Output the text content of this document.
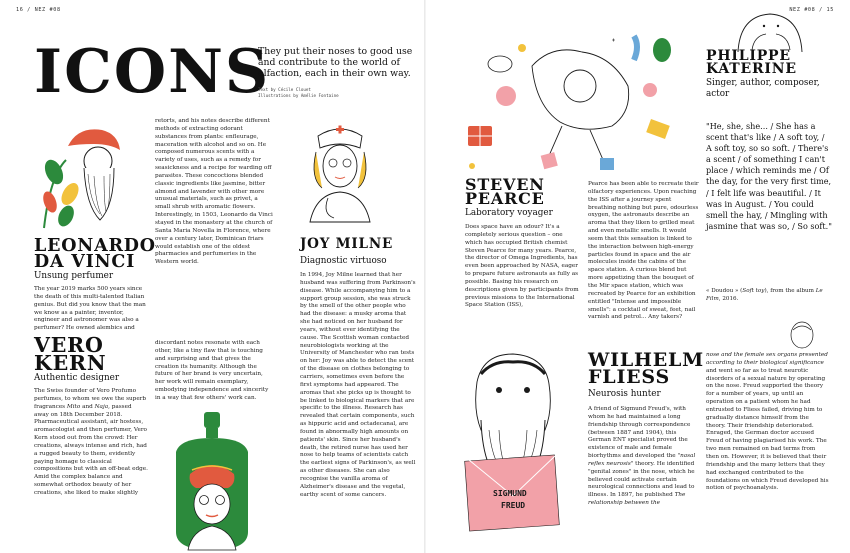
16 / NEZ #08	NEZ #08 / 15
ICONS
They put their noses to good use and contribute to the world of olfaction, each in their own way.
Text by Cécile Clouet
Illustrations by Amélie Fontaine
LEONARDO
DA VINCI
Unsung perfumer

The year 2019 marks 500 years since the death of this multi-talented Italian genius. But did you know that the man we know as a painter, inventor, engineer and astronomer was also a perfumer? He owned alembics and

retorts, and his notes describe different methods of extracting odorant substances from plants: enfleurage, maceration with alcohol and so on. He composed numerous scents with a variety of uses, such as a remedy for seasickness and a recipe for warding off parasites. These concoctions blended classic ingredients like jasmine, bitter almond and lavender with other more unusual materials, such as privet, a small shrub with aromatic flowers. Interestingly, in 1503, Leonardo da Vinci stayed in the monastery at the church of Santa Maria Novella in Florence, where over a century later, Dominican friars would establish one of the oldest pharmacies and perfumeries in the Western world.

JOY MILNE
Diagnostic virtuoso

In 1994, Joy Milne learned that her husband was suffering from Parkinson's disease. While accompanying him to a support group session, she was struck by the smell of the other people who had the disease: a musky aroma that she had noticed on her husband for years, without ever identifying the cause. The Scottish woman contacted neurobiologists working at the University of Manchester who ran tests on her: Joy was able to detect the scent of the disease on clothes belonging to carriers, sometimes even before the first symptoms had appeared. The aromas that she picks up is thought to be linked to biological markers that are specific to the illness. Research has revealed that certain components, such as hippuric acid and octadecanal, are found in abnormally high amounts on patients' skin. Since her husband's death, the retired nurse has used her nose to help teams of scientists catch the earliest signs of Parkinson's, as well as other diseases. She can also recognise the vanilla aroma of Alzheimer's disease and the vegetal, earthy scent of some cancers.

VERO
KERN
Authentic designer

The Swiss founder of Vero Profumo perfumes, to whom we owe the superb fragrances Mito and Naja, passed away on 18th December 2018. Pharmaceutical assistant, air hostess, aromacologist and then perfumer, Vero Kern stood out from the crowd: Her creations, always intense and rich, had a rugged beauty to them, evidently paying homage to classical compositions but with an off-beat edge. Amid the complex balance and somewhat orthodox beauty of her creations, she liked to make slightly

discordant notes resonate with each other, like a tiny flaw that is touching and surprising and that gives the creation its humanity. Although the future of her brand is very uncertain, her work will remain exemplary, embodying independence and sincerity in a way that few others' work can.

STEVEN
PEARCE
Laboratory voyager

Does space have an odour? It's a completely serious question – one which has occupied British chemist Steven Pearce for many years. Pearce, the director of Omega Ingredients, has even been approached by NASA, eager to prepare future astronauts as fully as possible. Basing his research on descriptions given by participants from previous missions to the International Space Station (ISS),

Pearce has been able to recreate their olfactory experiences. Upon reaching the ISS after a journey spent breathing nothing but pure, odourless oxygen, the astronauts describe an aroma that they liken to grilled meat and even metallic smells. It would seem that this sensation is linked to the interaction between high-energy particles found in space and the air molecules inside the cabins of the space station. A curious blend but more appetizing than the bouquet of the Mir space station, which was recreated by Pearce for an exhibition entitled "Intense and impossible smells": a cocktail of sweat, feet, nail varnish and petrol... Any takers?

PHILIPPE
KATERINE
Singer, author, composer, actor
"He, she, she... / She has a scent that's like / A soft toy, / A soft toy, so so soft. / There's a scent / of something I can't place / which reminds me / Of the day, for the very first time, / I felt life was beautiful. / It was in August. / You could smell the hay, / Mingling with jasmine that was so, / So soft."
« Doudou » (Soft toy), from the album Le Film, 2016.
SIGMUND
FREUD
WILHELM
FLIESS
Neurosis hunter

A friend of Sigmund Freud's, with whom he had maintained a long friendship through correspondence (between 1887 and 1904), this German ENT specialist proved the existence of male and female biorhythms and developed the "nasal reflex neurosis" theory. He identified "genital zones" in the nose, which he believed could activate certain neurological connections and lead to illness. In 1897, he published The relationship between the

nose and the female sex organs presented according to their biological significance and went so far as to treat neurotic disorders of a sexual nature by operating on the nose. Freud supported the theory for a number of years, up until an operation on a patient whom he had entrusted to Fliess failed, driving him to gradually distance himself from the theory. Their friendship deteriorated. Enraged, the German doctor accused Freud of having plagiarised his work. The two men remained on bad terms from then on. However, it is believed that their friendship and the many letters that they had exchanged contributed to the foundations on which Freud developed his notion of psychoanalysis.
